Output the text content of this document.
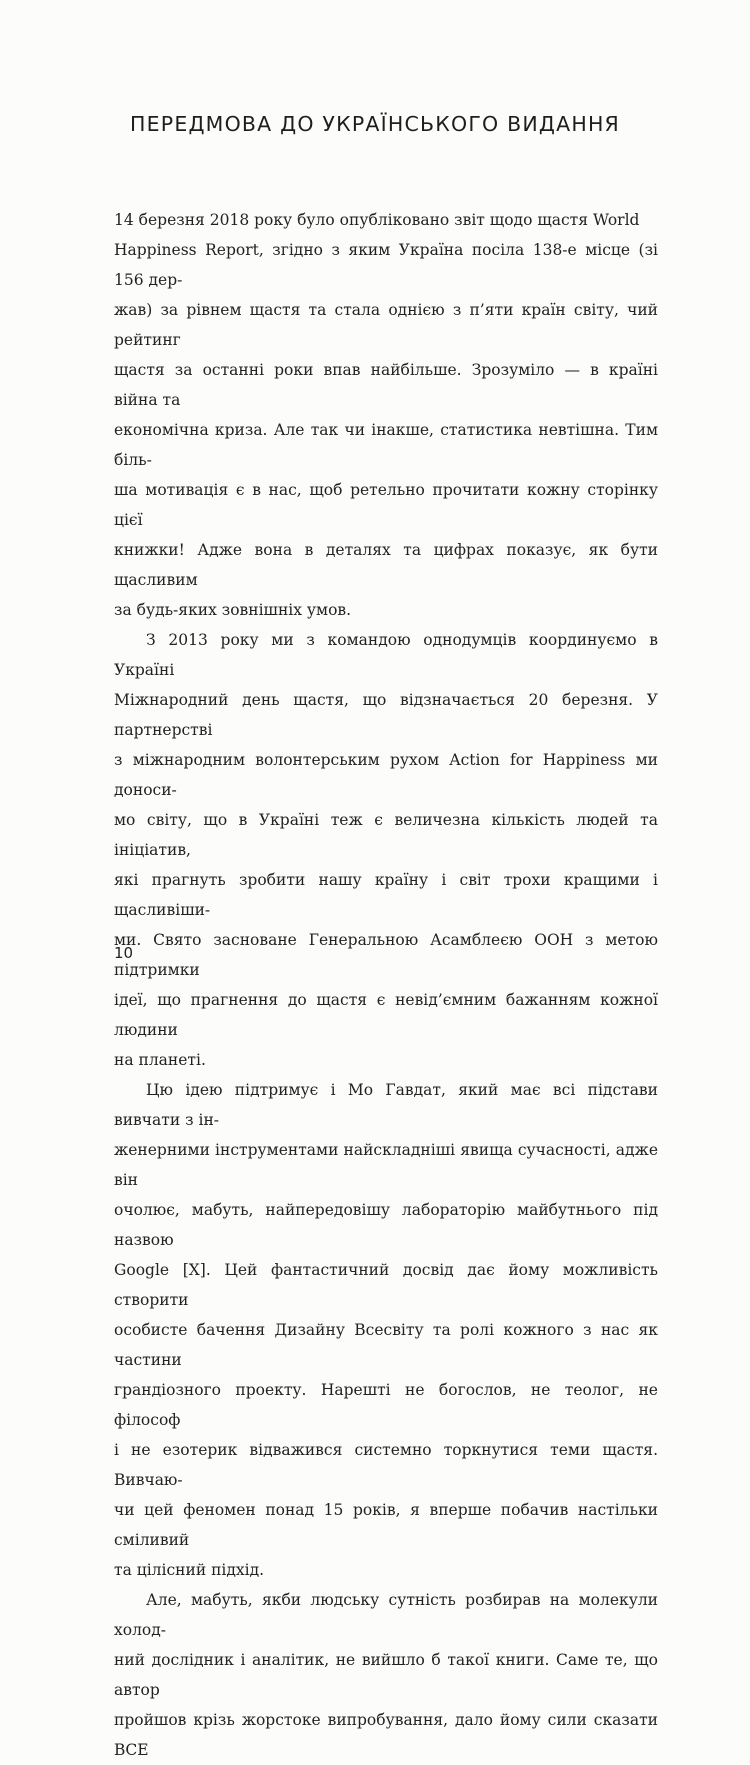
ПЕРЕДМОВА ДО УКРАЇНСЬКОГО ВИДАННЯ

14 березня 2018 року було опубліковано звіт щодо щастя World
Happiness Report, згідно з яким Україна посіла 138-е місце (зі 156 дер-
жав) за рівнем щастя та стала однією з п’яти країн світу, чий рейтинг
щастя за останні роки впав найбільше. Зрозуміло — в країні війна та
економічна криза. Але так чи інакше, статистика невтішна. Тим біль-
ша мотивація є в нас, щоб ретельно прочитати кожну сторінку цієї
книжки! Адже вона в деталях та цифрах показує, як бути щасливим
за будь-яких зовнішніх умов.

З 2013 року ми з командою однодумців координуємо в Україні
Міжнародний день щастя, що відзначається 20 березня. У партнерстві
з міжнародним волонтерським рухом Action for Happiness ми доноси-
мо світу, що в Україні теж є величезна кількість людей та ініціатив,
які прагнуть зробити нашу країну і світ трохи кращими і щасливіши-
ми. Свято засноване Генеральною Асамблеєю ООН з метою підтримки
ідеї, що прагнення до щастя є невід’ємним бажанням кожної людини
на планеті.

Цю ідею підтримує і Мо Гавдат, який має всі підстави вивчати з ін-
женерними інструментами найскладніші явища сучасності, адже він
очолює, мабуть, найпередовішу лабораторію майбутнього під назвою
Google [X]. Цей фантастичний досвід дає йому можливість створити
особисте бачення Дизайну Всесвіту та ролі кожного з нас як частини
грандіозного проекту. Нарешті не богослов, не теолог, не філософ
і не езотерик відважився системно торкнутися теми щастя. Вивчаю-
чи цей феномен понад 15 років, я вперше побачив настільки сміливий
та цілісний підхід.

Але, мабуть, якби людську сутність розбирав на молекули холод-
ний дослідник і аналітик, не вийшло б такої книги. Саме те, що автор
пройшов крізь жорстоке випробування, дало йому сили сказати ВСЕ

10
